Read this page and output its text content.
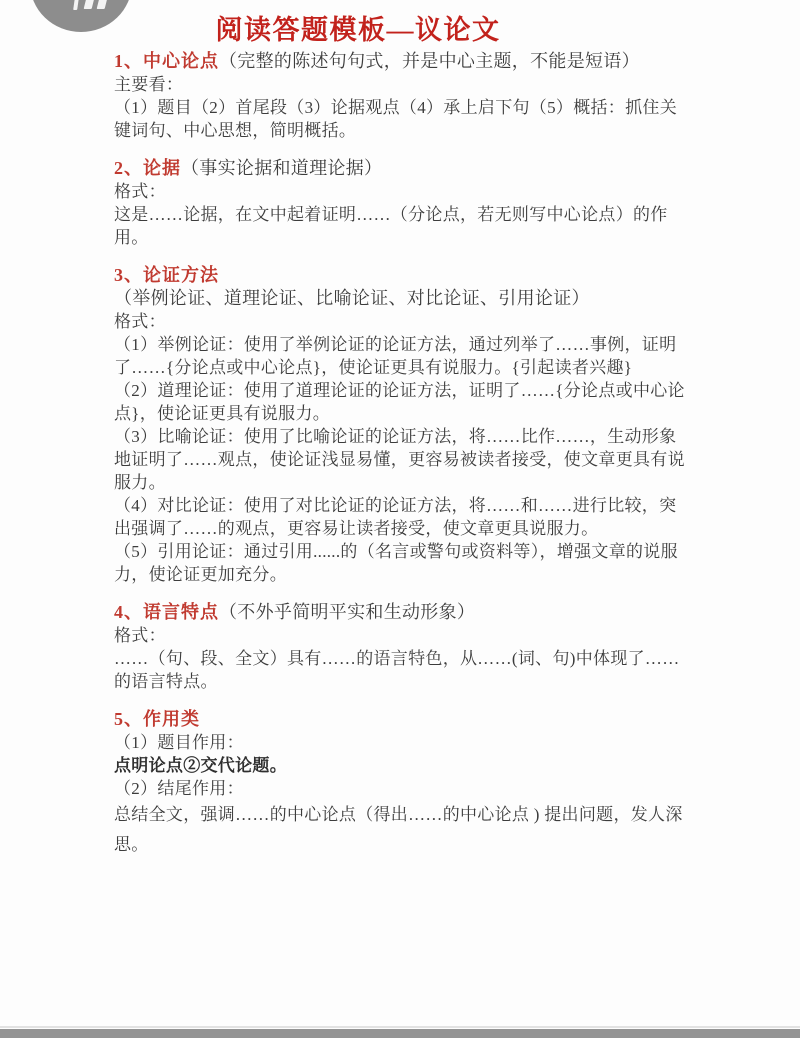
阅读答题模板—议论文

1、中心论点（完整的陈述句句式，并是中心主题，不能是短语）

主要看：

（1）题目（2）首尾段（3）论据观点（4）承上启下句（5）概括：抓住关键词句、中心思想，简明概括。

2、论据（事实论据和道理论据）

格式：

这是……论据，在文中起着证明……（分论点，若无则写中心论点）的作用。

3、论证方法（举例论证、道理论证、比喻论证、对比论证、引用论证）

格式：

（1）举例论证：使用了举例论证的论证方法，通过列举了……事例，证明了……{分论点或中心论点}，使论证更具有说服力。{引起读者兴趣}

（2）道理论证：使用了道理论证的论证方法，证明了……{分论点或中心论点}，使论证更具有说服力。

（3）比喻论证：使用了比喻论证的论证方法，将……比作……，生动形象地证明了……观点，使论证浅显易懂，更容易被读者接受，使文章更具有说服力。

（4）对比论证：使用了对比论证的论证方法，将……和……进行比较，突出强调了……的观点，更容易让读者接受，使文章更具说服力。

（5）引用论证：通过引用......的（名言或警句或资料等），增强文章的说服力，使论证更加充分。

4、语言特点（不外乎简明平实和生动形象）

格式：

……（句、段、全文）具有……的语言特色，从……(词、句)中体现了……的语言特点。

5、作用类

（1）题目作用：

点明论点②交代论题。

（2）结尾作用：

总结全文，强调……的中心论点（得出……的中心论点 ) 提出问题，发人深思。
